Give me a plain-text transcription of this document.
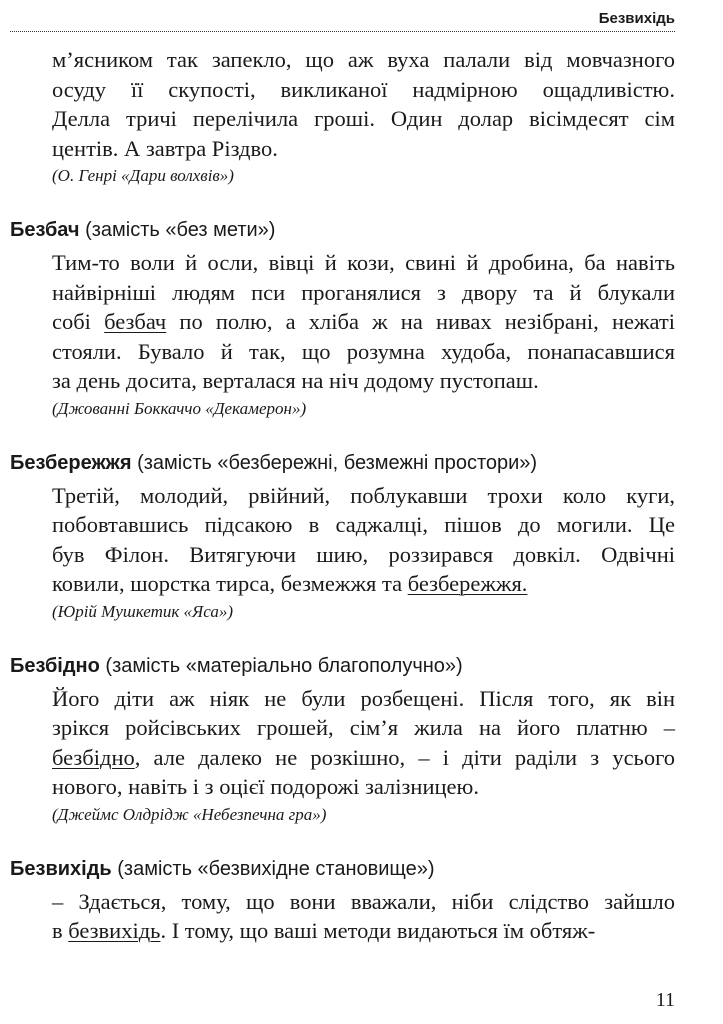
Безвихідь
м’ясником так запекло, що аж вуха палали від мовчазного
осуду її скупості, викликаної надмірною ощадливістю.
Делла тричі перелічила гроші. Один долар вісімдесят сім
центів. А завтра Різдво.
(О. Генрі «Дари волхвів»)
Безбач (замість «без мети»)
Тим-то воли й осли, вівці й кози, свині й дробина, ба навіть
найвірніші людям пси проганялися з двору та й блукали
собі безбач по полю, а хліба ж на нивах незібрані, нежаті
стояли. Бувало й так, що розумна худоба, понапасавшися
за день досита, верталася на ніч додому пустопаш.
(Джованні Боккаччо «Декамерон»)
Безбережжя (замість «безбережні, безмежні простори»)
Третій, молодий, рвійний, поблукавши трохи коло куги,
побовтавшись підсакою в саджалці, пішов до могили. Це
був Філон. Витягуючи шию, роззирався довкіл. Одвічні
ковили, шорстка тирса, безмежжя та безбережжя.
(Юрій Мушкетик «Яса»)
Безбідно (замість «матеріально благополучно»)
Його діти аж ніяк не були розбещені. Після того, як він
зрікся ройсівських грошей, сім’я жила на його платню –
безбідно, але далеко не розкішно, – і діти раділи з усього
нового, навіть і з оцієї подорожі залізницею.
(Джеймс Олдрідж «Небезпечна гра»)
Безвихідь (замість «безвихідне становище»)
– Здається, тому, що вони вважали, ніби слідство зайшло
в безвихідь. І тому, що ваші методи видаються їм обтяж-
11
